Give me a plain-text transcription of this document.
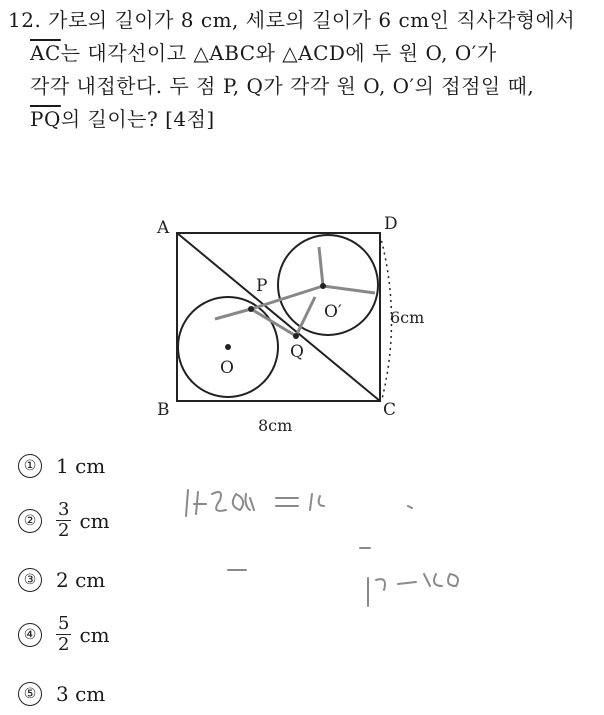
12. 가로의 길이가 8 cm, 세로의 길이가 6 cm인 직사각형에서
$\overline{AC}$는 대각선이고 △ABC와 △ACD에 두 원 O, O′가
각각 내접한다. 두 점 P, Q가 각각 원 O, O′의 접점일 때,
$\overline{PQ}$의 길이는? [4점]
A	D
B	C
P
Q
O
O′	6cm
8cm
① 1 cm
②	$\frac{3}{2}$ cm
③ 2 cm
④	$\frac{5}{2}$ cm
⑤ 3 cm
